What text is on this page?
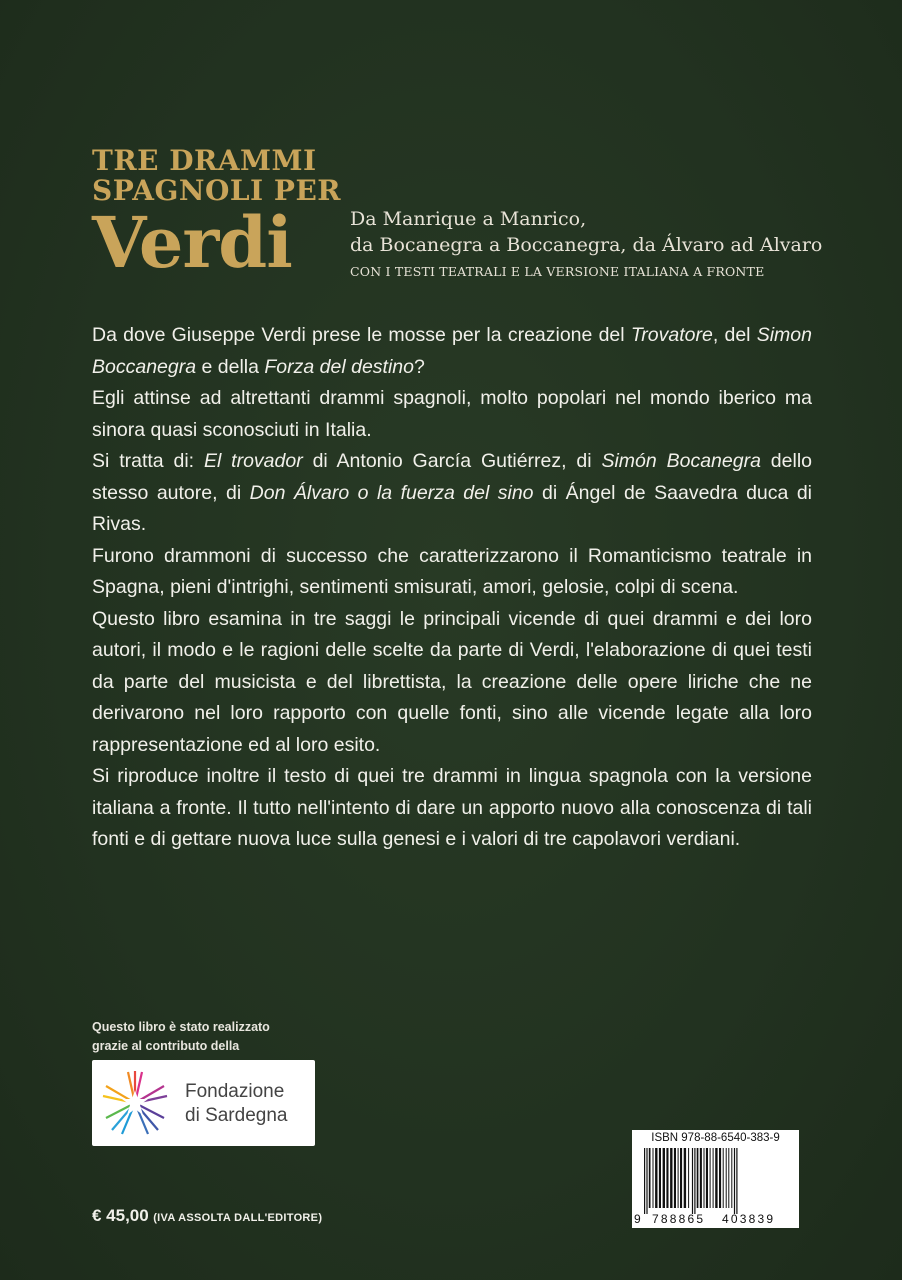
TRE DRAMMI
SPAGNOLI PER
Verdi	Da Manrique a Manrico,
da Bocanegra a Boccanegra, da Álvaro ad Alvaro
CON I TESTI TEATRALI E LA VERSIONE ITALIANA A FRONTE

Da dove Giuseppe Verdi prese le mosse per la creazione del Trovatore, del Simon Boccanegra e della Forza del destino?

Egli attinse ad altrettanti drammi spagnoli, molto popolari nel mondo iberico ma sinora quasi sconosciuti in Italia.

Si tratta di: El trovador di Antonio García Gutiérrez, di Simón Bocanegra dello stesso autore, di Don Álvaro o la fuerza del sino di Ángel de Saavedra duca di Rivas.

Furono drammoni di successo che caratterizzarono il Romanticismo teatrale in Spagna, pieni d'intrighi, sentimenti smisurati, amori, gelosie, colpi di scena.

Questo libro esamina in tre saggi le principali vicende di quei drammi e dei loro autori, il modo e le ragioni delle scelte da parte di Verdi, l'elaborazione di quei testi da parte del musicista e del librettista, la creazione delle opere liriche che ne derivarono nel loro rapporto con quelle fonti, sino alle vicende legate alla loro rappresentazione ed al loro esito.

Si riproduce inoltre il testo di quei tre drammi in lingua spagnola con la versione italiana a fronte. Il tutto nell'intento di dare un apporto nuovo alla conoscenza di tali fonti e di gettare nuova luce sulla genesi e i valori di tre capolavori verdiani.

Questo libro è stato realizzato
grazie al contributo della
Fondazione
di Sardegna
€ 45,00 (IVA ASSOLTA DALL'EDITORE)
ISBN 978-88-6540-383-9
9 788865 403839
